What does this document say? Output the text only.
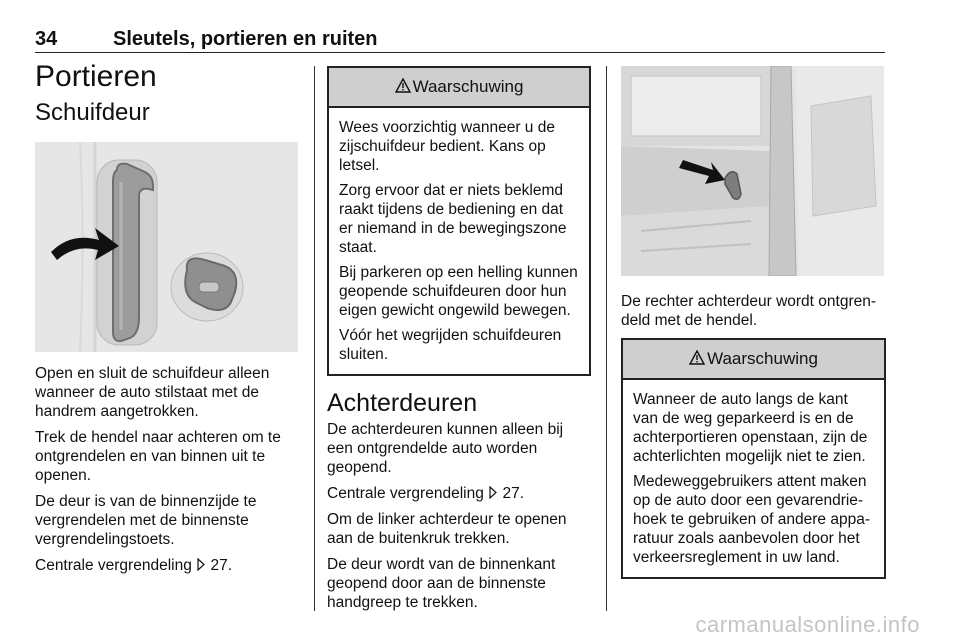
34	Sleutels, portieren en ruiten
Portieren
Schuifdeur

Open en sluit de schuifdeur alleen wanneer de auto stilstaat met de handrem aangetrokken.

Trek de hendel naar achteren om te ontgrendelen en van binnen uit te openen.

De deur is van de binnenzijde te vergrendelen met de binnenste vergrendelingstoets.

Centrale vergrendeling 27.

Waarschuwing

Wees voorzichtig wanneer u de zijschuifdeur bedient. Kans op letsel.

Zorg ervoor dat er niets beklemd raakt tijdens de bediening en dat er niemand in de bewegingszone staat.

Bij parkeren op een helling kunnen geopende schuifdeuren door hun eigen gewicht ongewild bewegen.

Vóór het wegrijden schuifdeuren sluiten.

Achterdeuren

De achterdeuren kunnen alleen bij een ontgrendelde auto worden geopend.

Centrale vergrendeling 27.

Om de linker achterdeur te openen aan de buitenkruk trekken.

De deur wordt van de binnenkant geopend door aan de binnenste handgreep te trekken.

De rechter achterdeur wordt ontgren-

deld met de hendel.

Waarschuwing

Wanneer de auto langs de kant van de weg geparkeerd is en de achterportieren openstaan, zijn de achterlichten mogelijk niet te zien.

Medeweggebruikers attent maken op de auto door een gevarendrie-hoek te gebruiken of andere appa-ratuur zoals aanbevolen door het verkeersreglement in uw land.

carmanualsonline.info
